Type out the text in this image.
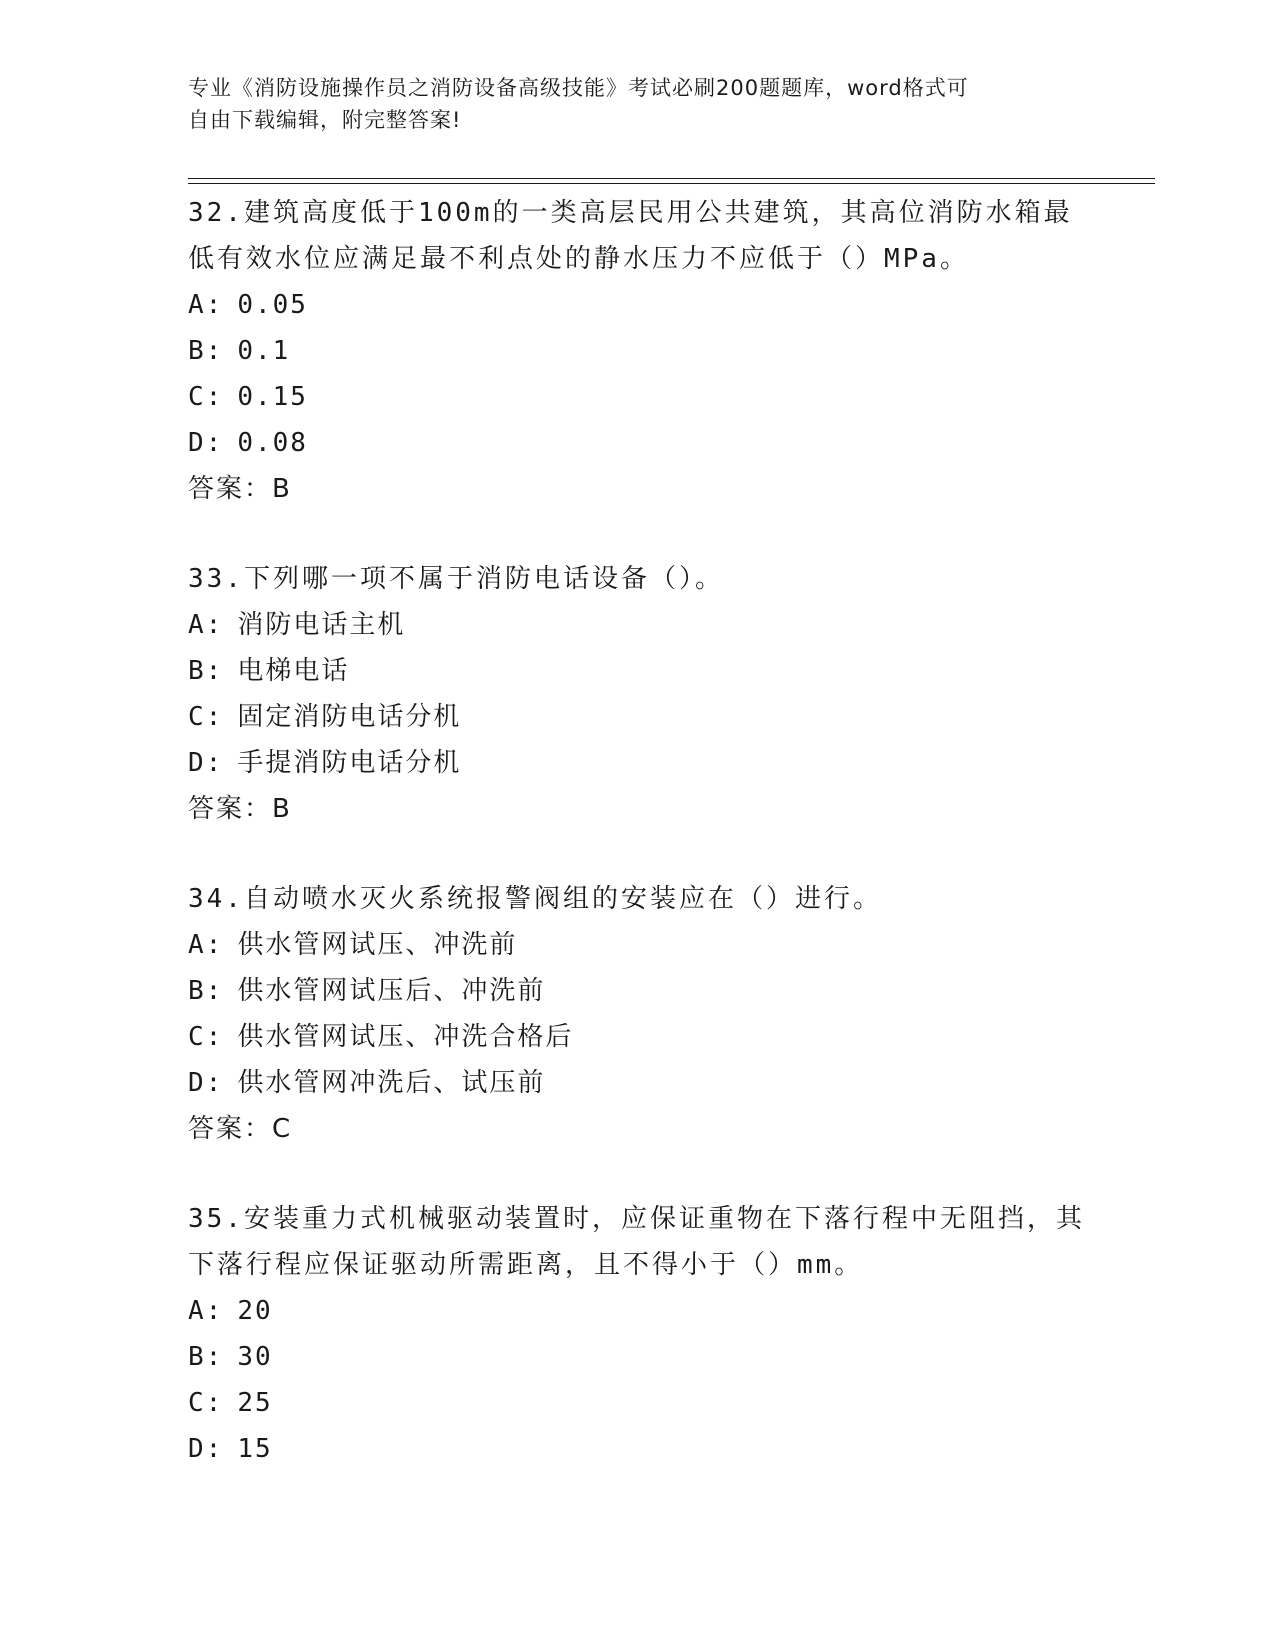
专业《消防设施操作员之消防设备高级技能》考试必刷200题题库，word格式可
自由下载编辑，附完整答案!
32.建筑高度低于100m的一类高层民用公共建筑，其高位消防水箱最
低有效水位应满足最不利点处的静水压力不应低于（）MPa。
A: 0.05
B: 0.1
C: 0.15
D: 0.08
答案：B
33.下列哪一项不属于消防电话设备（）。
A: 消防电话主机
B: 电梯电话
C: 固定消防电话分机
D: 手提消防电话分机
答案：B
34.自动喷水灭火系统报警阀组的安装应在（）进行。
A: 供水管网试压、冲洗前
B: 供水管网试压后、冲洗前
C: 供水管网试压、冲洗合格后
D: 供水管网冲洗后、试压前
答案：C
35.安装重力式机械驱动装置时，应保证重物在下落行程中无阻挡，其
下落行程应保证驱动所需距离，且不得小于（）mm。
A: 20
B: 30
C: 25
D: 15
